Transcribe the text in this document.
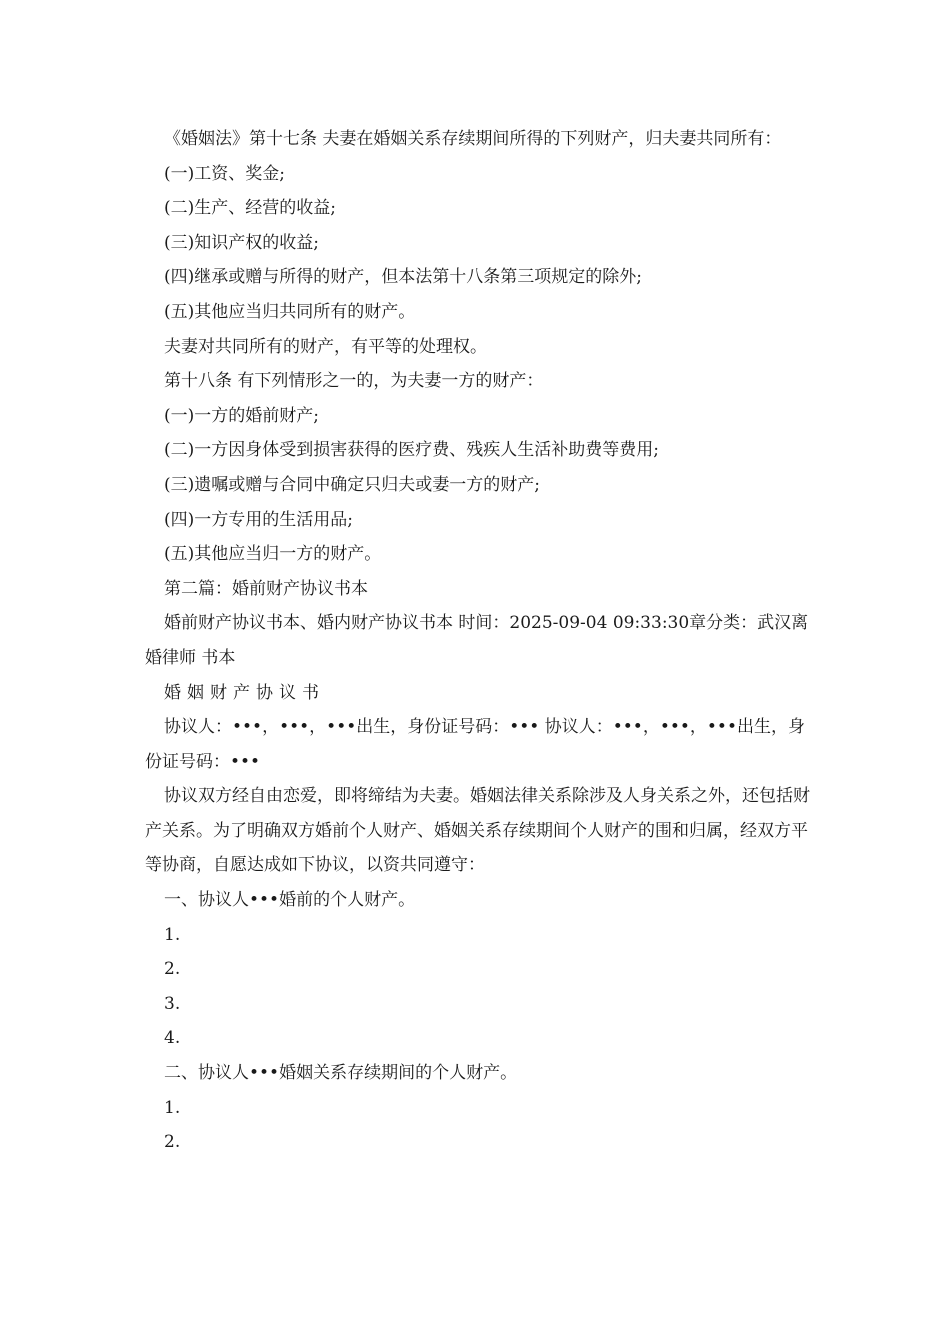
《婚姻法》第十七条 夫妻在婚姻关系存续期间所得的下列财产，归夫妻共同所有：

(一)工资、奖金;

(二)生产、经营的收益;

(三)知识产权的收益;

(四)继承或赠与所得的财产，但本法第十八条第三项规定的除外;

(五)其他应当归共同所有的财产。

夫妻对共同所有的财产，有平等的处理权。

第十八条 有下列情形之一的，为夫妻一方的财产：

(一)一方的婚前财产;

(二)一方因身体受到损害获得的医疗费、残疾人生活补助费等费用;

(三)遗嘱或赠与合同中确定只归夫或妻一方的财产;

(四)一方专用的生活用品;

(五)其他应当归一方的财产。

第二篇：婚前财产协议书本

婚前财产协议书本、婚内财产协议书本 时间：2025-09-04 09:33:30章分类：武汉离婚律师 书本

婚姻财产协议书

协议人：•••，•••，•••出生，身份证号码：••• 协议人：•••，•••，•••出生，身份证号码：•••

协议双方经自由恋爱，即将缔结为夫妻。婚姻法律关系除涉及人身关系之外，还包括财产关系。为了明确双方婚前个人财产、婚姻关系存续期间个人财产的围和归属，经双方平等协商，自愿达成如下协议，以资共同遵守：

一、协议人•••婚前的个人财产。

1.

2.

3.

4.

二、协议人•••婚姻关系存续期间的个人财产。

1.

2.
